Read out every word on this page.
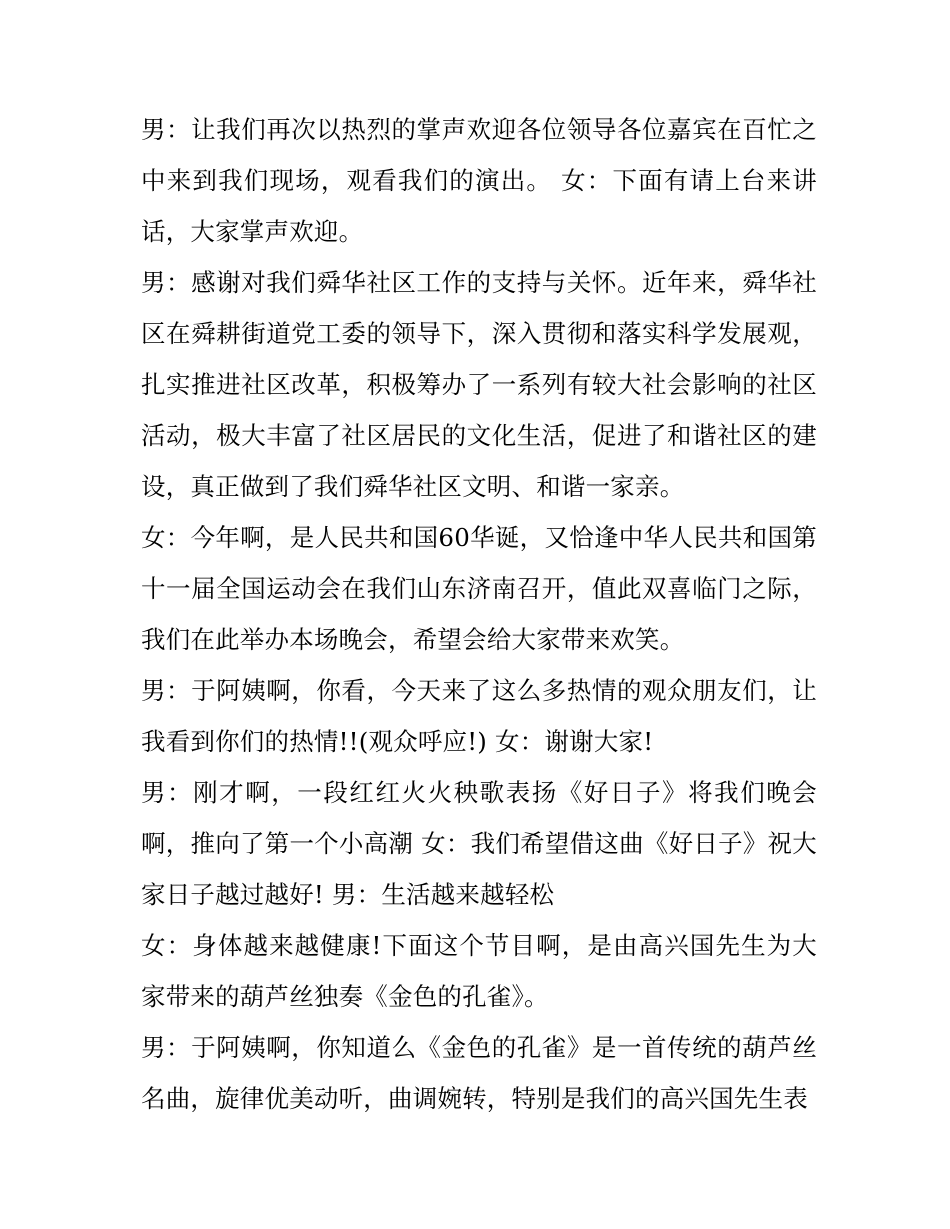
男：让我们再次以热烈的掌声欢迎各位领导各位嘉宾在百忙之中来到我们现场，观看我们的演出。 女：下面有请上台来讲话，大家掌声欢迎。

男：感谢对我们舜华社区工作的支持与关怀。近年来，舜华社区在舜耕街道党工委的领导下，深入贯彻和落实科学发展观，扎实推进社区改革，积极筹办了一系列有较大社会影响的社区活动，极大丰富了社区居民的文化生活，促进了和谐社区的建设，真正做到了我们舜华社区文明、和谐一家亲。

女：今年啊，是人民共和国60华诞，又恰逢中华人民共和国第十一届全国运动会在我们山东济南召开，值此双喜临门之际，我们在此举办本场晚会，希望会给大家带来欢笑。

男：于阿姨啊，你看，今天来了这么多热情的观众朋友们，让我看到你们的热情!!(观众呼应!) 女：谢谢大家!

男：刚才啊，一段红红火火秧歌表扬《好日子》将我们晚会啊，推向了第一个小高潮 女：我们希望借这曲《好日子》祝大家日子越过越好! 男：生活越来越轻松

女：身体越来越健康!下面这个节目啊，是由高兴国先生为大家带来的葫芦丝独奏《金色的孔雀》。

男：于阿姨啊，你知道么《金色的孔雀》是一首传统的葫芦丝名曲，旋律优美动听，曲调婉转，特别是我们的高兴国先生表
